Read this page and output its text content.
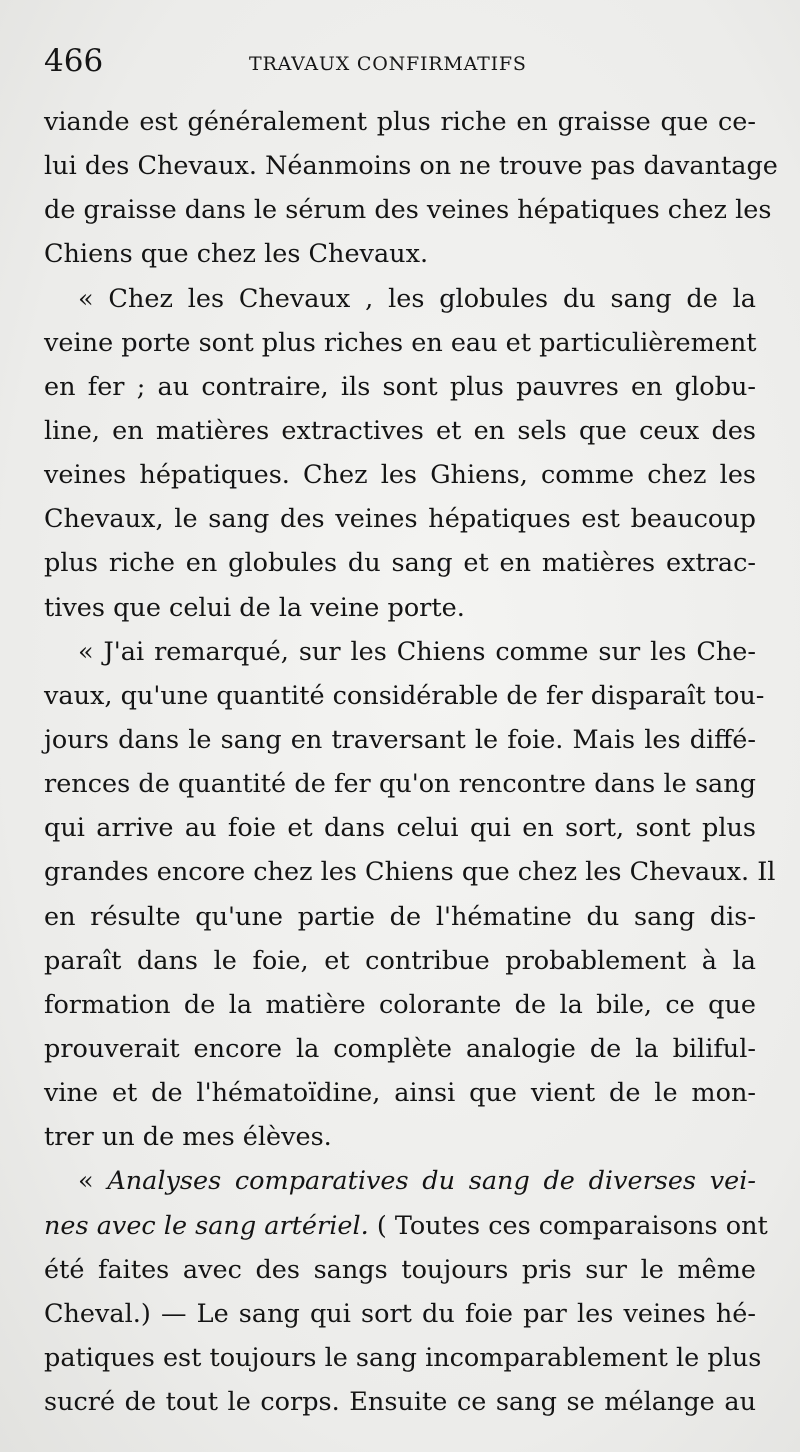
466	TRAVAUX CONFIRMATIFS
viande est généralement plus riche en graisse que ce-
lui des Chevaux. Néanmoins on ne trouve pas davantage
de graisse dans le sérum des veines hépatiques chez les
Chiens que chez les Chevaux.
« Chez les Chevaux , les globules du sang de la
veine porte sont plus riches en eau et particulièrement
en fer ; au contraire, ils sont plus pauvres en globu-
line, en matières extractives et en sels que ceux des
veines hépatiques. Chez les Ghiens, comme chez les
Chevaux, le sang des veines hépatiques est beaucoup
plus riche en globules du sang et en matières extrac-
tives que celui de la veine porte.
« J'ai remarqué, sur les Chiens comme sur les Che-
vaux, qu'une quantité considérable de fer disparaît tou-
jours dans le sang en traversant le foie. Mais les diffé-
rences de quantité de fer qu'on rencontre dans le sang
qui arrive au foie et dans celui qui en sort, sont plus
grandes encore chez les Chiens que chez les Chevaux. Il
en résulte qu'une partie de l'hématine du sang dis-
paraît dans le foie, et contribue probablement à la
formation de la matière colorante de la bile, ce que
prouverait encore la complète analogie de la biliful-
vine et de l'hématoïdine, ainsi que vient de le mon-
trer un de mes élèves.
« Analyses comparatives du sang de diverses vei-
nes avec le sang artériel. ( Toutes ces comparaisons ont
été faites avec des sangs toujours pris sur le même
Cheval.) — Le sang qui sort du foie par les veines hé-
patiques est toujours le sang incomparablement le plus
sucré de tout le corps. Ensuite ce sang se mélange au
